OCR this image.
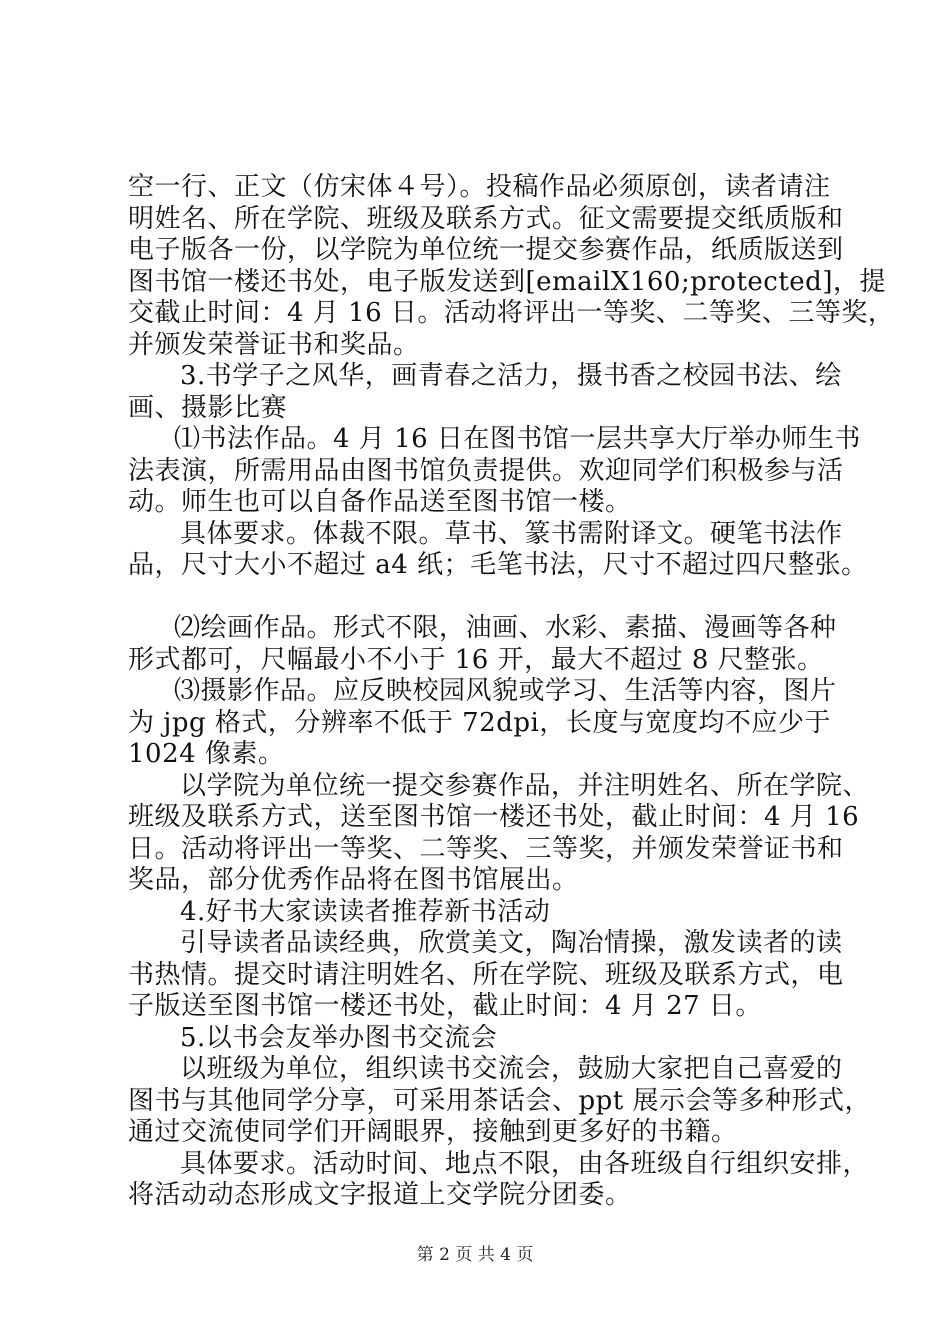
空一行、正文（仿宋体４号）。投稿作品必须原创，读者请注
明姓名、所在学院、班级及联系方式。征文需要提交纸质版和
电子版各一份，以学院为单位统一提交参赛作品，纸质版送到
图书馆一楼还书处，电子版发送到[emailX160;protected]，提
交截止时间：4 月 16 日。活动将评出一等奖、二等奖、三等奖，
并颁发荣誉证书和奖品。
3.书学子之风华，画青春之活力，摄书香之校园书法、绘
画、摄影比赛
⑴书法作品。4 月 16 日在图书馆一层共享大厅举办师生书
法表演，所需用品由图书馆负责提供。欢迎同学们积极参与活
动。师生也可以自备作品送至图书馆一楼。
具体要求。体裁不限。草书、篆书需附译文。硬笔书法作
品，尺寸大小不超过 a4 纸；毛笔书法，尺寸不超过四尺整张。
⑵绘画作品。形式不限，油画、水彩、素描、漫画等各种
形式都可，尺幅最小不小于 16 开，最大不超过 8 尺整张。
⑶摄影作品。应反映校园风貌或学习、生活等内容，图片
为 jpg 格式，分辨率不低于 72dpi，长度与宽度均不应少于
1024 像素。
以学院为单位统一提交参赛作品，并注明姓名、所在学院、
班级及联系方式，送至图书馆一楼还书处，截止时间：4 月 16
日。活动将评出一等奖、二等奖、三等奖，并颁发荣誉证书和
奖品，部分优秀作品将在图书馆展出。
4.好书大家读读者推荐新书活动
引导读者品读经典，欣赏美文，陶冶情操，激发读者的读
书热情。提交时请注明姓名、所在学院、班级及联系方式，电
子版送至图书馆一楼还书处，截止时间：4 月 27 日。
5.以书会友举办图书交流会
以班级为单位，组织读书交流会，鼓励大家把自己喜爱的
图书与其他同学分享，可采用茶话会、ppt 展示会等多种形式，
通过交流使同学们开阔眼界，接触到更多好的书籍。
具体要求。活动时间、地点不限，由各班级自行组织安排，
将活动动态形成文字报道上交学院分团委。
第 2 页 共 4 页
